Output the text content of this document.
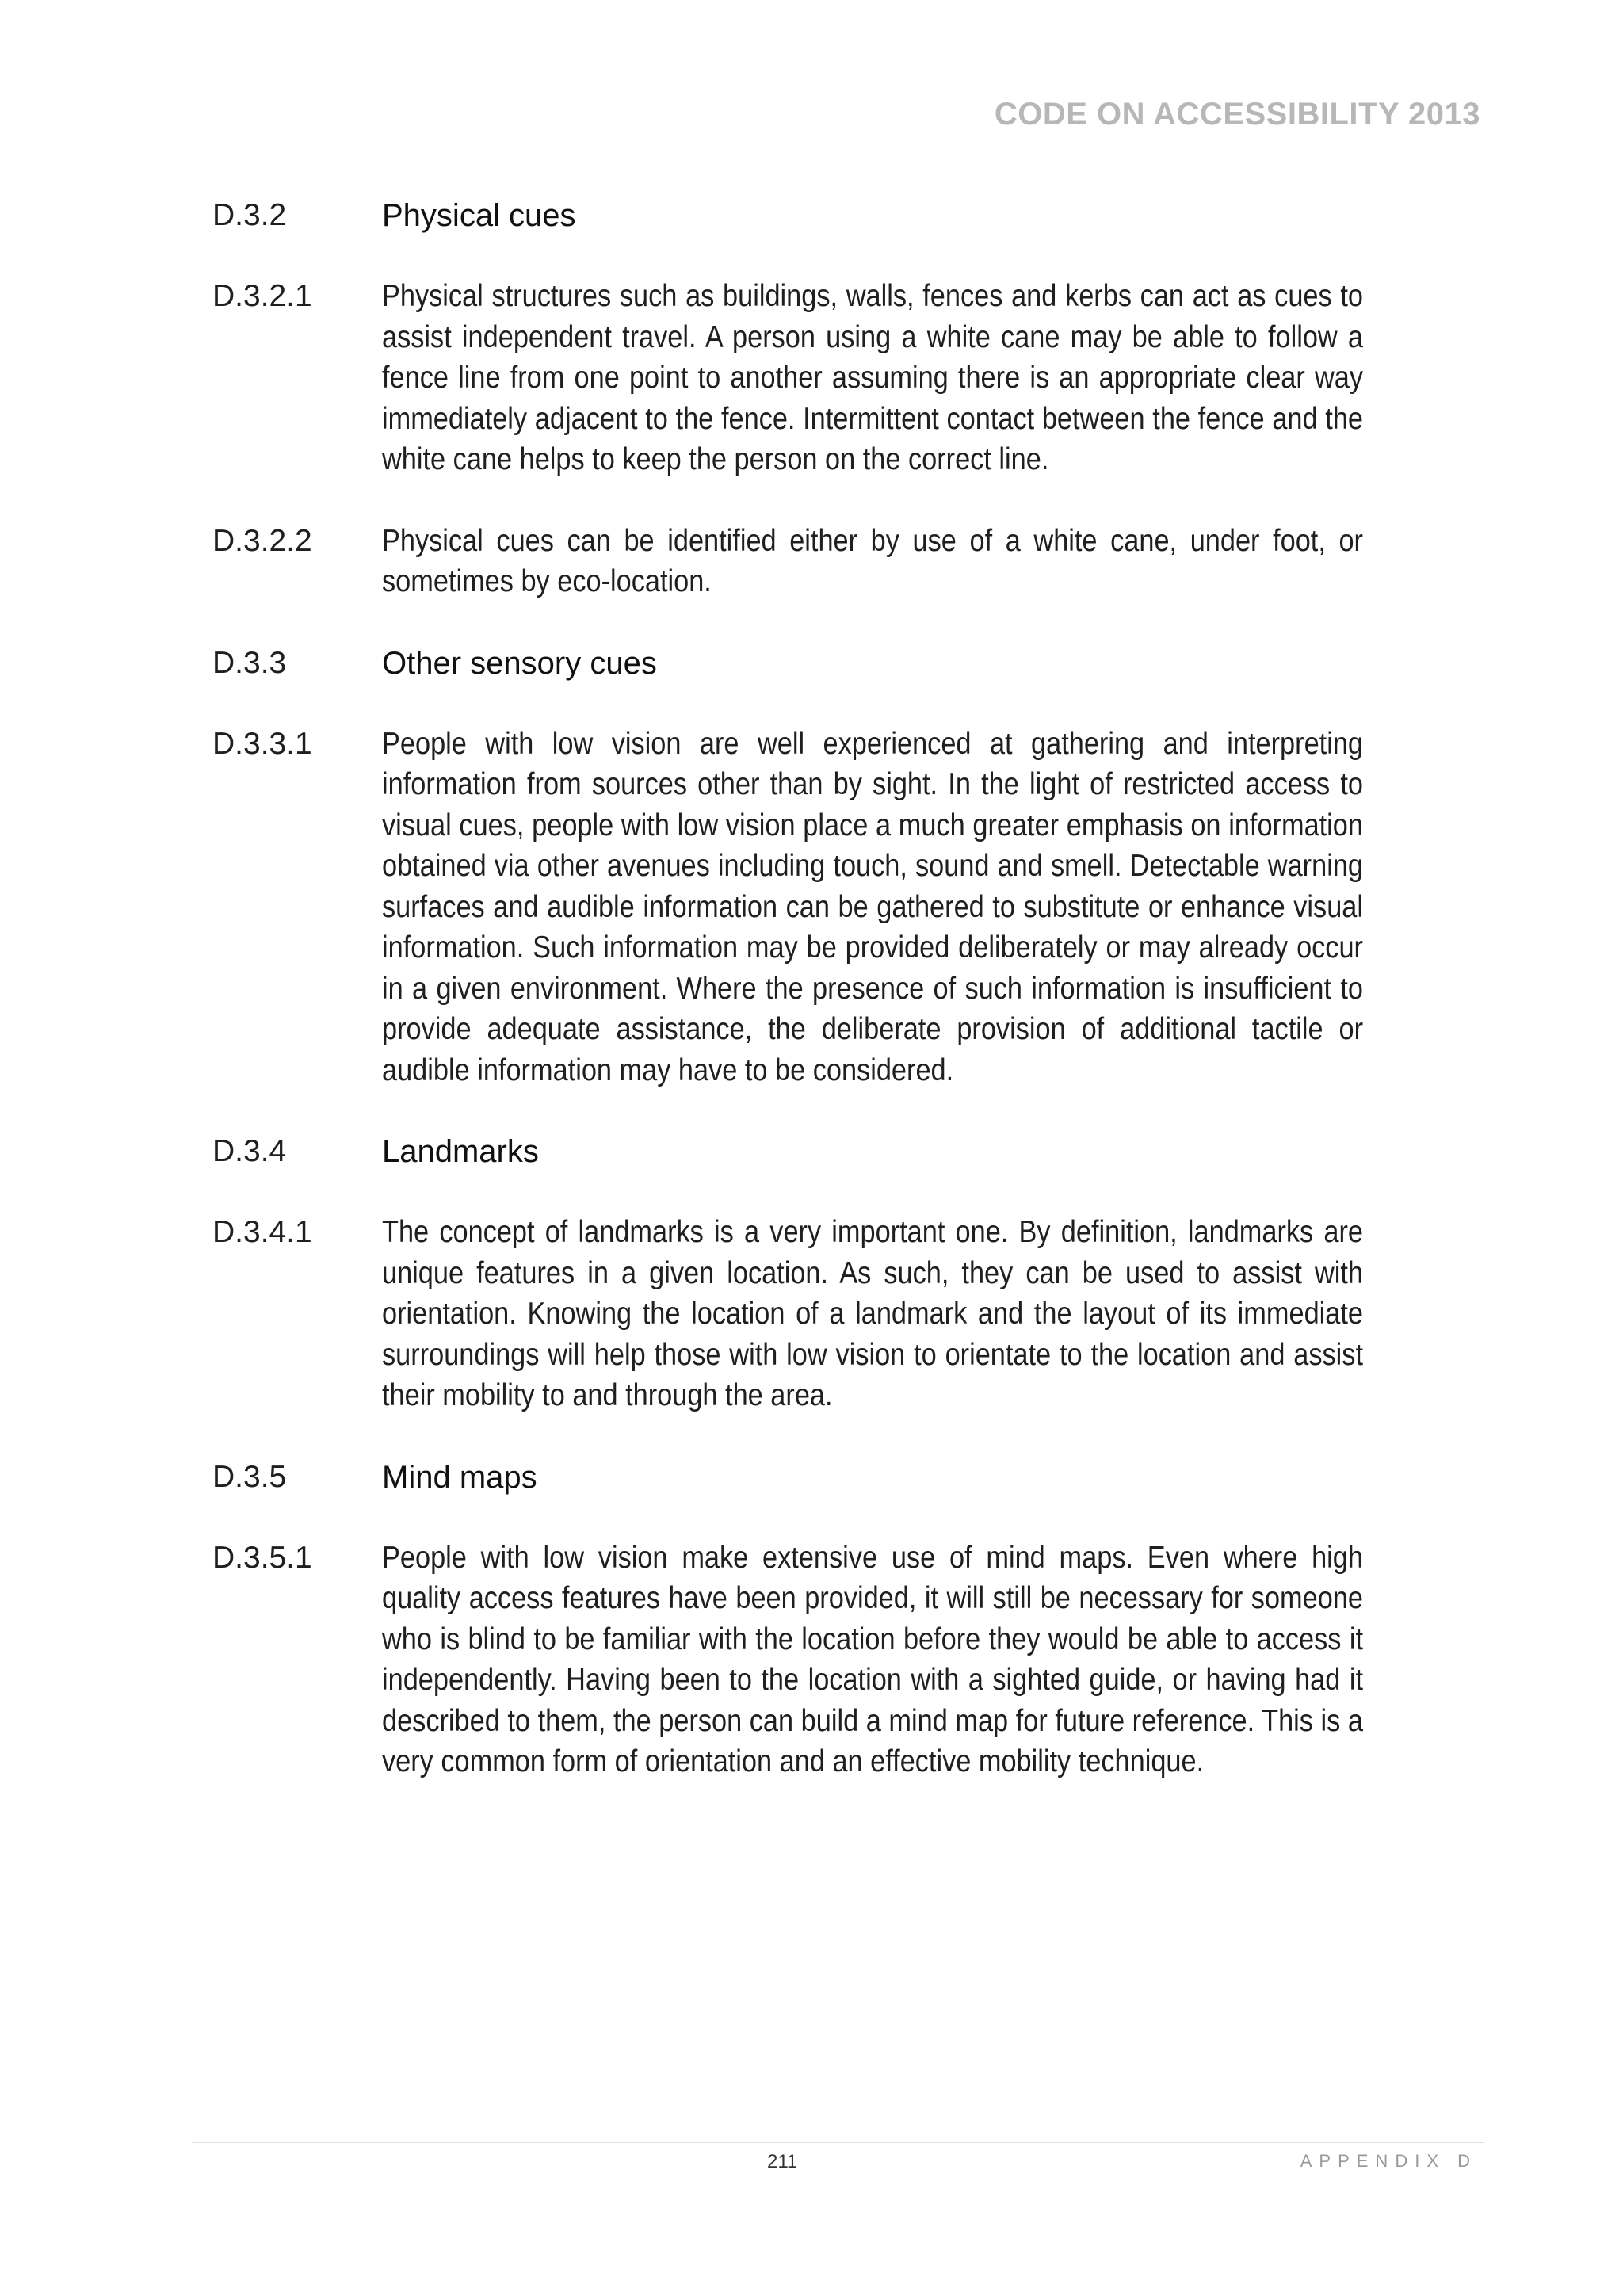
CODE ON ACCESSIBILITY 2013
D.3.2	Physical cues
D.3.2.1	Physical structures such as buildings, walls, fences and kerbs can act as cues to assist independent travel. A person using a white cane may be able to follow a fence line from one point to another assuming there is an appropriate clear way immediately adjacent to the fence. Intermittent contact between the fence and the white cane helps to keep the person on the correct line.
D.3.2.2	Physical cues can be identified either by use of a white cane, under foot, or sometimes by eco-location.
D.3.3	Other sensory cues
D.3.3.1	People with low vision are well experienced at gathering and interpreting information from sources other than by sight. In the light of restricted access to visual cues, people with low vision place a much greater emphasis on information obtained via other avenues including touch, sound and smell. Detectable warning surfaces and audible information can be gathered to substitute or enhance visual information. Such information may be provided deliberately or may already occur in a given environment. Where the presence of such information is insufficient to provide adequate assistance, the deliberate provision of additional tactile or audible information may have to be considered.
D.3.4	Landmarks
D.3.4.1	The concept of landmarks is a very important one. By definition, landmarks are unique features in a given location. As such, they can be used to assist with orientation. Knowing the location of a landmark and the layout of its immediate surroundings will help those with low vision to orientate to the location and assist their mobility to and through the area.
D.3.5	Mind maps
D.3.5.1	People with low vision make extensive use of mind maps. Even where high quality access features have been provided, it will still be necessary for someone who is blind to be familiar with the location before they would be able to access it independently. Having been to the location with a sighted guide, or having had it described to them, the person can build a mind map for future reference. This is a very common form of orientation and an effective mobility technique.
211	APPENDIX D
